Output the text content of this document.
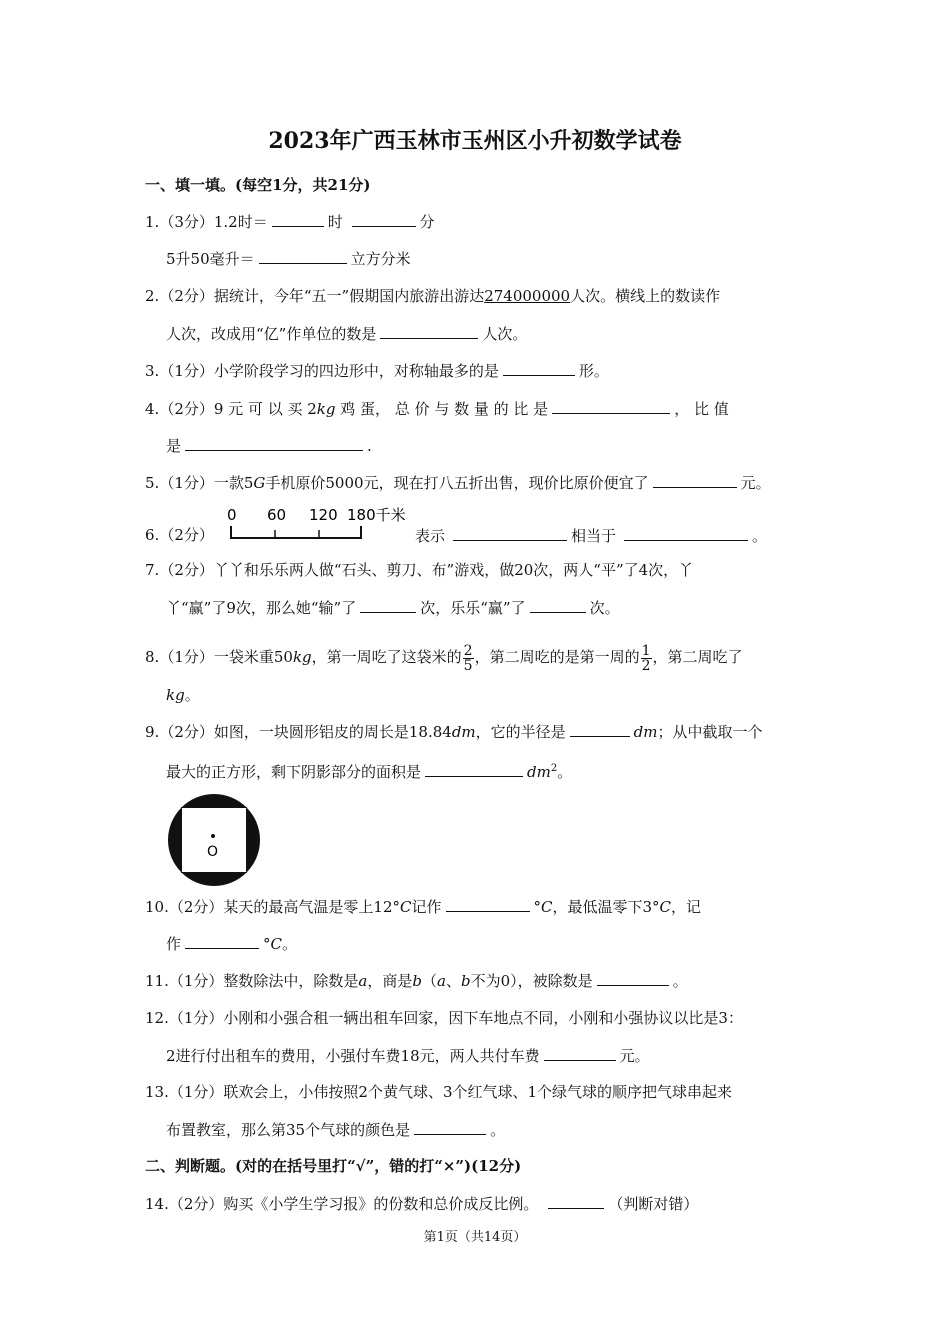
2023年广西玉林市玉州区小升初数学试卷
一、填一填。(每空1分，共21分)
1.（3分）1.2时＝	时	分
5升50毫升＝	立方分米
2.（2分）据统计，今年“五一”假期国内旅游出游达274000000人次。横线上的数读作
人次，改成用“亿”作单位的数是	人次。
3.（1分）小学阶段学习的四边形中，对称轴最多的是	形。
4.（2分）9 元 可 以 买 2kg 鸡 蛋， 总 价 与 数 量 的 比 是	， 比 值
是	.
5.（1分）一款5G手机原价5000元，现在打八五折出售，现价比原价便宜了	元。
6.（2分）
0 60 120 180千米
表示	相当于	。
7.（2分）丫丫和乐乐两人做“石头、剪刀、布”游戏，做20次，两人“平”了4次，丫
丫“赢”了9次，那么她“输”了	次，乐乐“赢”了	次。
8.（1分）一袋米重50kg，第一周吃了这袋米的 $\frac{2}{5}$ ，第二周吃的是第一周的 $\frac{1}{2}$ ，第二周吃了
kg。
9.（2分）如图，一块圆形铝皮的周长是18.84dm，它的半径是	dm；从中截取一个
最大的正方形，剩下阴影部分的面积是	$dm^2$。
O
10.（2分）某天的最高气温是零上12°C记作	°C，最低温零下3°C，记
作	°C。
11.（1分）整数除法中，除数是a，商是b（a、b不为0），被除数是	。
12.（1分）小刚和小强合租一辆出租车回家，因下车地点不同，小刚和小强协议以比是3：
2进行付出租车的费用，小强付车费18元，两人共付车费	元。
13.（1分）联欢会上，小伟按照2个黄气球、3个红气球、1个绿气球的顺序把气球串起来
布置教室，那么第35个气球的颜色是	。
二、判断题。(对的在括号里打“√”，错的打“×”)(12分)
14.（2分）购买《小学生学习报》的份数和总价成反比例。	（判断对错）
第1页（共14页）
